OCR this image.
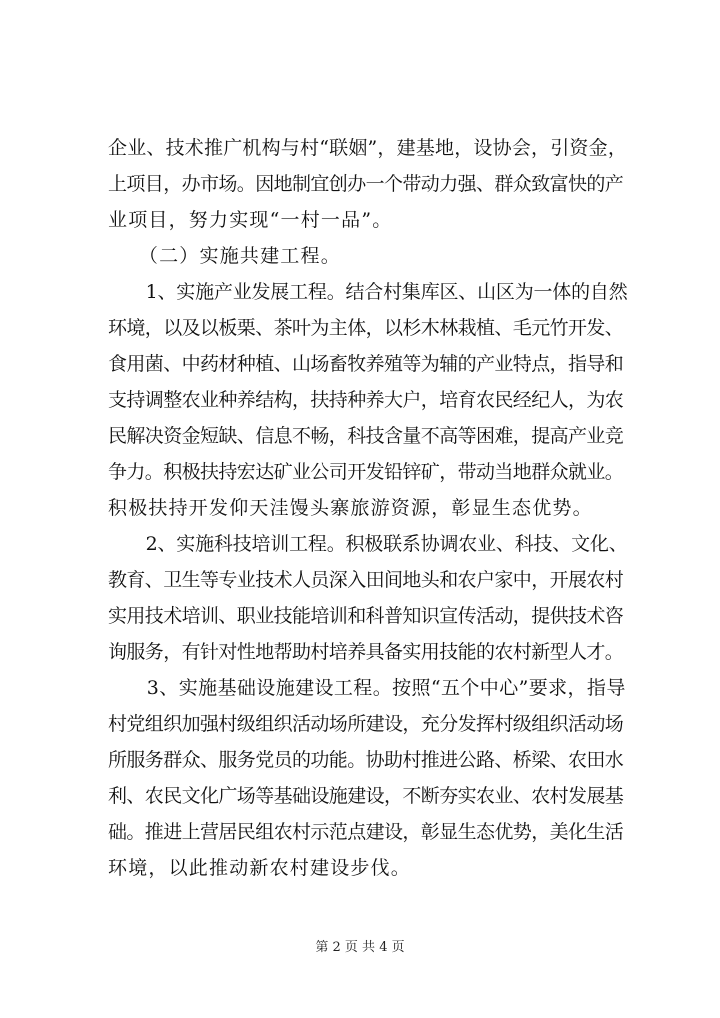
企业、技术推广机构与村“联姻”，建基地，设协会，引资金，
上项目，办市场。因地制宜创办一个带动力强、群众致富快的产
业项目，努力实现“一村一品”。
　　（二）实施共建工程。
　　1、实施产业发展工程。结合村集库区、山区为一体的自然
环境，以及以板栗、茶叶为主体，以杉木林栽植、毛元竹开发、
食用菌、中药材种植、山场畜牧养殖等为辅的产业特点，指导和
支持调整农业种养结构，扶持种养大户，培育农民经纪人，为农
民解决资金短缺、信息不畅，科技含量不高等困难，提高产业竞
争力。积极扶持宏达矿业公司开发铅锌矿，带动当地群众就业。
积极扶持开发仰天洼馒头寨旅游资源，彰显生态优势。
　　2、实施科技培训工程。积极联系协调农业、科技、文化、
教育、卫生等专业技术人员深入田间地头和农户家中，开展农村
实用技术培训、职业技能培训和科普知识宣传活动，提供技术咨
询服务，有针对性地帮助村培养具备实用技能的农村新型人才。
　　3、实施基础设施建设工程。按照“五个中心”要求，指导
村党组织加强村级组织活动场所建设，充分发挥村级组织活动场
所服务群众、服务党员的功能。协助村推进公路、桥梁、农田水
利、农民文化广场等基础设施建设，不断夯实农业、农村发展基
础。推进上营居民组农村示范点建设，彰显生态优势，美化生活
环境，以此推动新农村建设步伐。
第 2 页 共 4 页
